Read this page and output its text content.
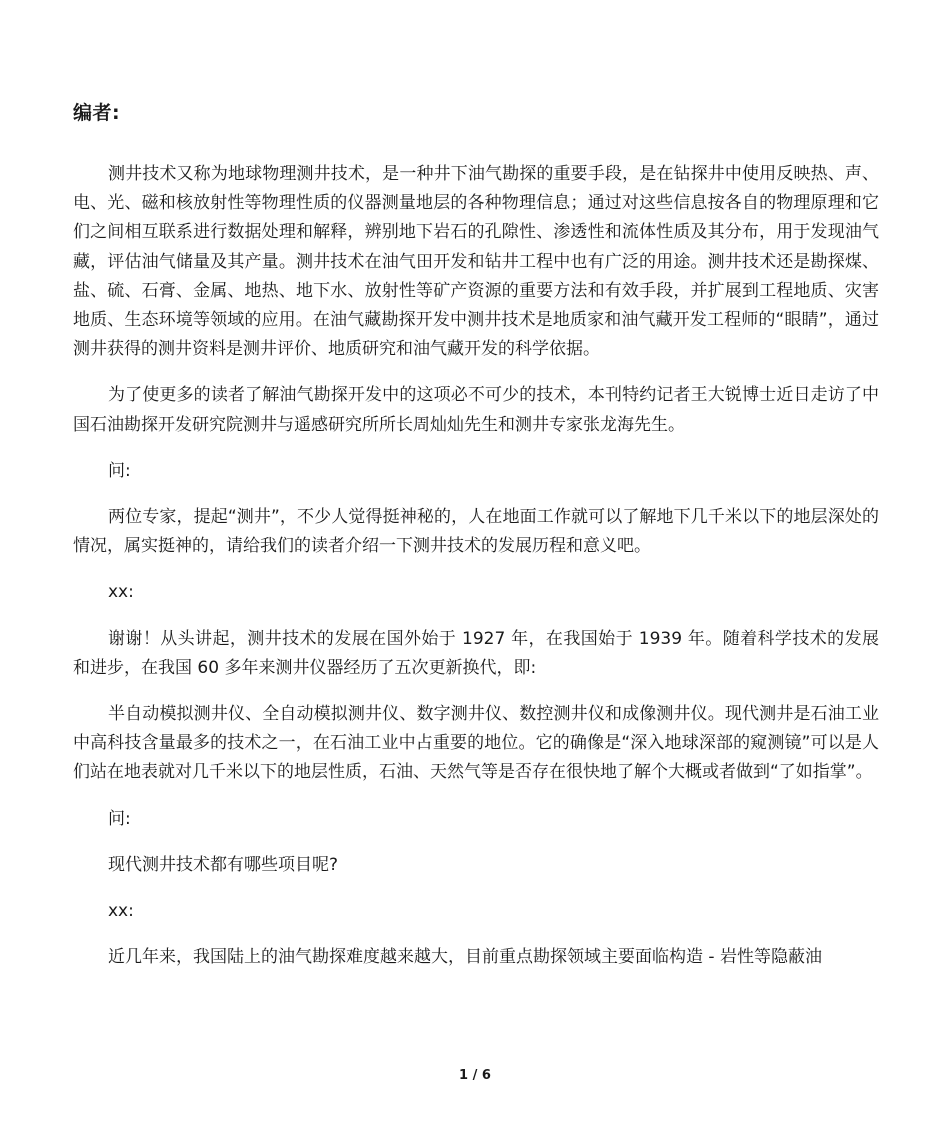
编者:

测井技术又称为地球物理测井技术，是一种井下油气勘探的重要手段，是在钻探井中使用反映热、声、电、光、磁和核放射性等物理性质的仪器测量地层的各种物理信息；通过对这些信息按各自的物理原理和它们之间相互联系进行数据处理和解释，辨别地下岩石的孔隙性、渗透性和流体性质及其分布，用于发现油气藏，评估油气储量及其产量。测井技术在油气田开发和钻井工程中也有广泛的用途。测井技术还是勘探煤、盐、硫、石膏、金属、地热、地下水、放射性等矿产资源的重要方法和有效手段，并扩展到工程地质、灾害地质、生态环境等领域的应用。在油气藏勘探开发中测井技术是地质家和油气藏开发工程师的“眼睛”，通过测井获得的测井资料是测井评价、地质研究和油气藏开发的科学依据。

为了使更多的读者了解油气勘探开发中的这项必不可少的技术，本刊特约记者王大锐博士近日走访了中国石油勘探开发研究院测井与遥感研究所所长周灿灿先生和测井专家张龙海先生。

问:

两位专家，提起“测井”，不少人觉得挺神秘的，人在地面工作就可以了解地下几千米以下的地层深处的情况，属实挺神的，请给我们的读者介绍一下测井技术的发展历程和意义吧。

xx:

谢谢！从头讲起，测井技术的发展在国外始于 1927 年，在我国始于 1939 年。随着科学技术的发展和进步，在我国 60 多年来测井仪器经历了五次更新换代，即:

半自动模拟测井仪、全自动模拟测井仪、数字测井仪、数控测井仪和成像测井仪。现代测井是石油工业中高科技含量最多的技术之一，在石油工业中占重要的地位。它的确像是“深入地球深部的窥测镜”可以是人们站在地表就对几千米以下的地层性质，石油、天然气等是否存在很快地了解个大概或者做到“了如指掌”。

问:

现代测井技术都有哪些项目呢?

xx:

近几年来，我国陆上的油气勘探难度越来越大，目前重点勘探领域主要面临构造 - 岩性等隐蔽油

1 / 6
